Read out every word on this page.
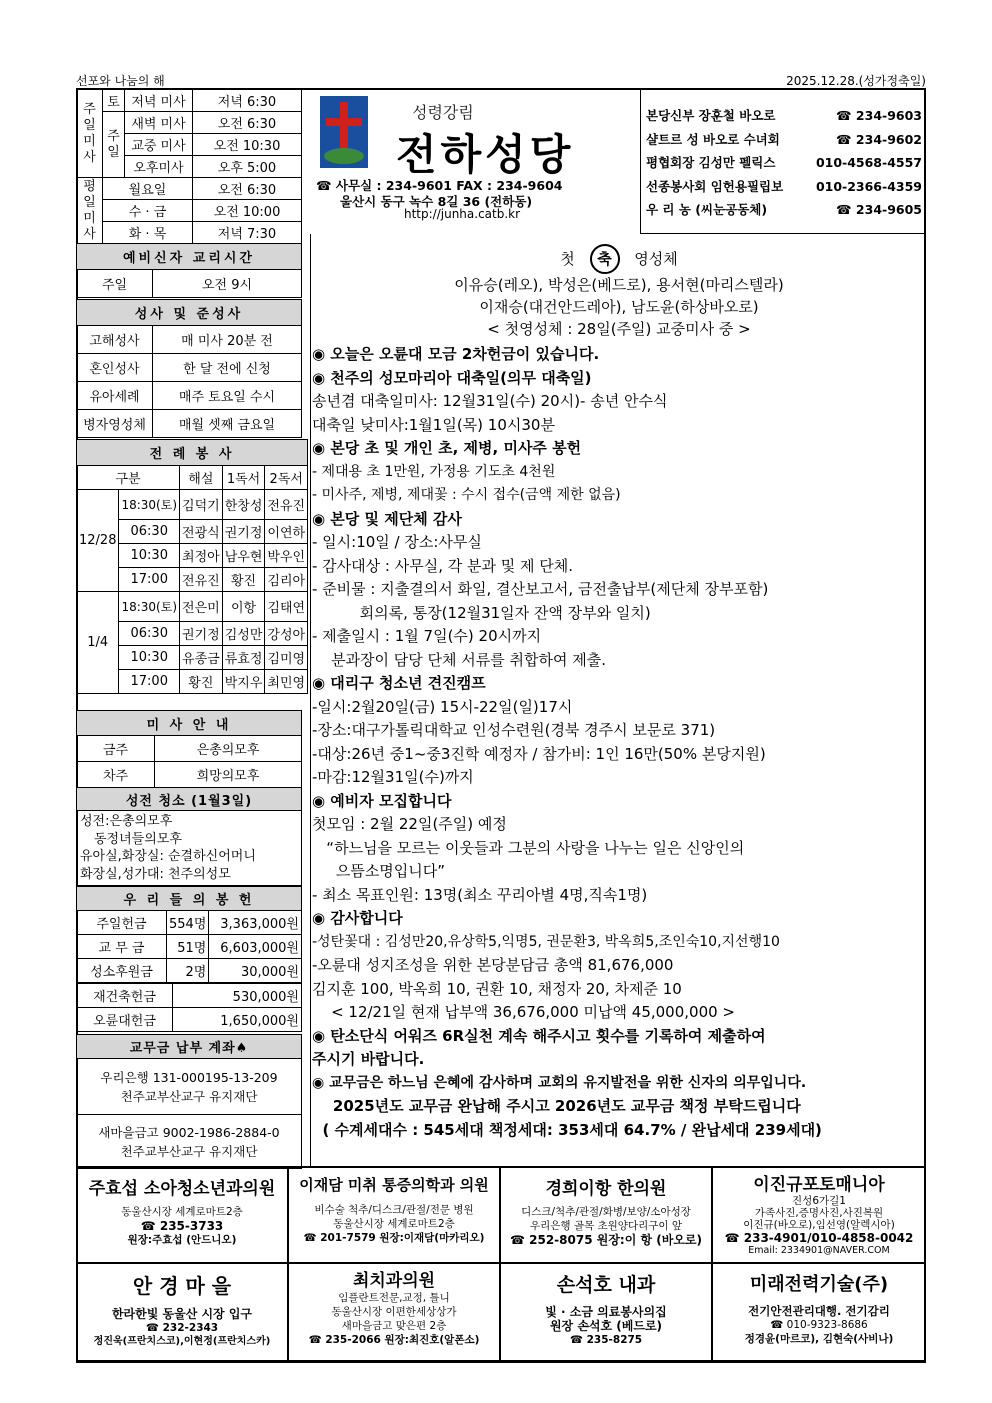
선포와 나눔의 해	2025.12.28.(성가정축일)
주일미사	토	저녁 미사	저녁 6:30
	주일	새벽 미사	오전 6:30
		교중 미사	오전 10:30
		오후미사	오후 5:00
평일미사	월요일		오전 6:30
	수 · 금		오전 10:00
	화 · 목		저녁 7:30
성령강림
전하성당
☎ 사무실 : 234-9601 FAX : 234-9604
울산시 동구 녹수 8길 36 (전하동)
http://junha.catb.kr
본당신부 장훈철 바오로	☎ 234-9603
샬트르 성 바오로 수녀회	☎ 234-9602
평협회장 김성만 펠릭스	010-4568-4557
선종봉사회 임헌용필립보	010-2366-4359
우 리 농 (씨눈공동체)	☎ 234-9605
예비신자 교리시간
주일	오전 9시
성사 및 준성사	
고해성사	매 미사 20분 전
혼인성사	한 달 전에 신청
유아세례	매주 토요일 수시
병자영성체	매월 셋째 금요일
전 례 봉 사				
구분		해설	1독서	2독서
12/28	18:30(토)	김덕기	한창성	전유진
	06:30	전광식	권기정	이연하
	10:30	최정아	남우현	박우인
	17:00	전유진	황진	김리아
1/4	18:30(토)	전은미	이항	김태연
	06:30	권기정	김성만	강성아
	10:30	유종금	류효정	김미영
	17:00	황진	박지우	최민영
미 사 안 내	
금주	은총의모후
차주	희망의모후
성전 청소 (1월3일)

성전:은총의모후
동정녀들의모후
유아실,화장실: 순결하신어머니
화장실,성가대: 천주의성모
우 리 들 의 봉 헌		
주일헌금	554명	3,363,000원
교 무 금	51명	6,603,000원
성소후원금	2명	30,000원
재건축헌금	530,000원
오륜대헌금	1,650,000원
교무금 납부 계좌♠

우리은행 131-000195-13-209
천주교부산교구 유지재단

새마을금고 9002-1986-2884-0
천주교부산교구 유지재단
첫 축 영성체
이유승(레오), 박성은(베드로), 용서현(마리스텔라)
이재승(대건안드레아), 남도윤(하상바오로)
< 첫영성체 : 28일(주일) 교중미사 중 >

◉ 오늘은 오륜대 모금 2차헌금이 있습니다.

◉ 천주의 성모마리아 대축일(의무 대축일)

송년겸 대축일미사: 12월31일(수) 20시)- 송년 안수식

대축일 낮미사:1월1일(목) 10시30분

◉ 본당 초 및 개인 초, 제병, 미사주 봉헌

- 제대용 초 1만원, 가정용 기도초 4천원

- 미사주, 제병, 제대꽃 : 수시 접수(금액 제한 없음)

◉ 본당 및 제단체 감사

- 일시:10일 / 장소:사무실

- 감사대상 : 사무실, 각 분과 및 제 단체.

- 준비물 : 지출결의서 화일, 결산보고서, 금전출납부(제단체 장부포함)

회의록, 통장(12월31일자 잔액 장부와 일치)

- 제출일시 : 1월 7일(수) 20시까지

분과장이 담당 단체 서류를 취합하여 제출.

◉ 대리구 청소년 견진캠프

-일시:2월20일(금) 15시-22일(일)17시

-장소:대구가톨릭대학교 인성수련원(경북 경주시 보문로 371)

-대상:26년 중1~중3진학 예정자 / 참가비: 1인 16만(50% 본당지원)

-마감:12월31일(수)까지

◉ 예비자 모집합니다

첫모임 : 2월 22일(주일) 예정

“하느님을 모르는 이웃들과 그분의 사랑을 나누는 일은 신앙인의

으뜸소명입니다”

- 최소 목표인원: 13명(최소 꾸리아별 4명,직속1명)

◉ 감사합니다

-성탄꽃대 : 김성만20,유상학5,익명5, 권문환3, 박옥희5,조인숙10,지선행10

-오륜대 성지조성을 위한 본당분담금 총액 81,676,000

김지훈 100, 박옥희 10, 권환 10, 채정자 20, 차제준 10

< 12/21일 현재 납부액 36,676,000 미납액 45,000,000 >

◉ 탄소단식 어워즈 6R실천 계속 해주시고 횟수를 기록하여 제출하여

주시기 바랍니다.

◉ 교무금은 하느님 은혜에 감사하며 교회의 유지발전을 위한 신자의 의무입니다.

2025년도 교무금 완납해 주시고 2026년도 교무금 책정 부탁드립니다

( 수계세대수 : 545세대 책정세대: 353세대 64.7% / 완납세대 239세대)

주효섭 소아청소년과의원
동울산시장 세계로마트2층
☎ 235-3733
원장:주효섭 (안드니오)
이재담 미취 통증의학과 의원
비수술 척추/디스크/관절/전문 병원
동울산시장 세계로마트2층
☎ 201-7579 원장:이재담(마카리오)
경희이항 한의원
디스크/척추/관절/화병/보양/소아성장
우리은행 골목 초원양다리구이 앞
☎ 252-8075 원장:이 항 (바오로)
이진규포토매니아
진성6가길1
가족사진,증명사진,사진복원
이진규(바오로),임선영(알렉시아)
☎ 233-4901/010-4858-0042
Email: 2334901@NAVER.COM
안 경 마 을
한라한빛 동울산 시장 입구
☎ 232-2343
정진욱(프란치스코),이현정(프란치스카)
최치과의원
임플란트전문,교정, 틀니
동울산시장 이편한세상상가
새마을금고 맞은편 2층
☎ 235-2066 원장:최진호(알폰소)
손석호 내과
빛 · 소금 의료봉사의집
원장 손석호 (베드로)
☎ 235-8275
미래전력기술(주)
전기안전관리대행. 전기감리
☎ 010-9323-8686
정경윤(마르코), 김현숙(사비나)
